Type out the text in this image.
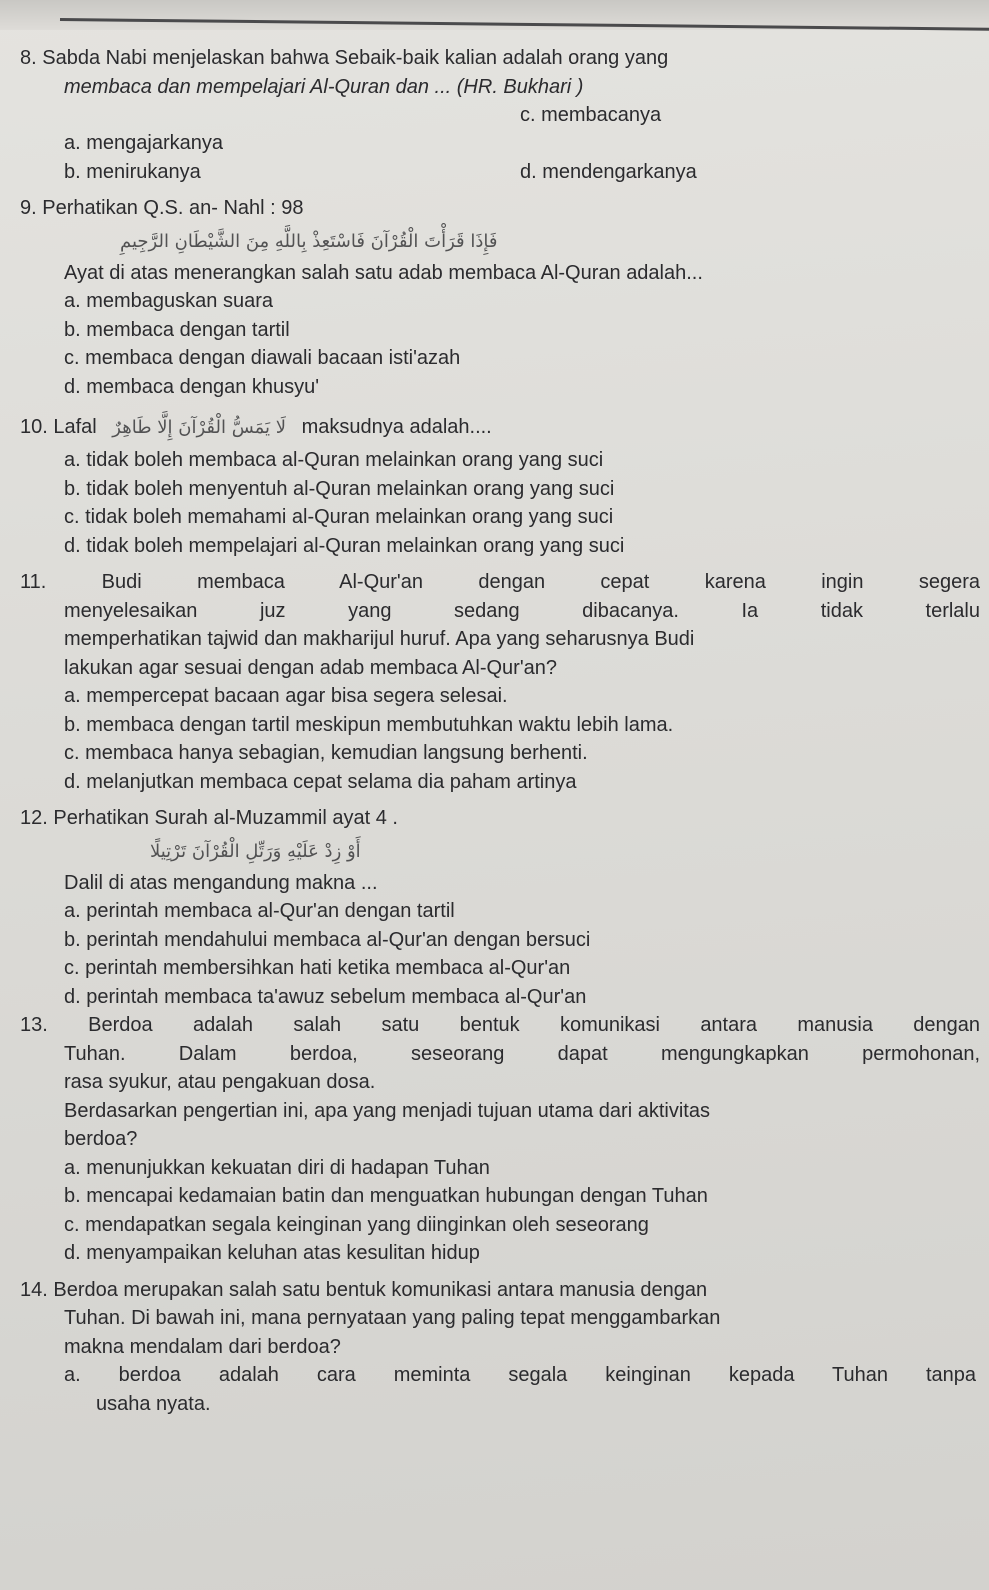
8. Sabda Nabi menjelaskan bahwa Sebaik-baik kalian adalah orang yang

membaca dan mempelajari Al-Quran dan ... (HR. Bukhari )

a. mengajarkanya

b. menirukanya

c. membacanya

d. mendengarkanya

9. Perhatikan Q.S. an- Nahl : 98

فَإِذَا قَرَأْتَ الْقُرْآنَ فَاسْتَعِذْ بِاللَّهِ مِنَ الشَّيْطَانِ الرَّجِيمِ

Ayat di atas menerangkan salah satu adab membaca Al-Quran adalah...

a. membaguskan suara

b. membaca dengan tartil

c. membaca dengan diawali bacaan isti'azah

d. membaca dengan khusyu'

10. Lafal لَا يَمَسُّ الْقُرْآنَ إِلَّا طَاهِرٌ maksudnya adalah....

a. tidak boleh membaca al-Quran melainkan orang yang suci

b. tidak boleh menyentuh al-Quran melainkan orang yang suci

c. tidak boleh memahami al-Quran melainkan orang yang suci

d. tidak boleh mempelajari al-Quran melainkan orang yang suci

11. Budi membaca Al-Qur'an dengan cepat karena ingin segera

menyelesaikan juz yang sedang dibacanya. Ia tidak terlalu

memperhatikan tajwid dan makharijul huruf. Apa yang seharusnya Budi

lakukan agar sesuai dengan adab membaca Al-Qur'an?

a. mempercepat bacaan agar bisa segera selesai.

b. membaca dengan tartil meskipun membutuhkan waktu lebih lama.

c. membaca hanya sebagian, kemudian langsung berhenti.

d. melanjutkan membaca cepat selama dia paham artinya

12. Perhatikan Surah al-Muzammil ayat 4 .

أَوْ زِدْ عَلَيْهِ وَرَتِّلِ الْقُرْآنَ تَرْتِيلًا

Dalil di atas mengandung makna ...

a. perintah membaca al-Qur'an dengan tartil

b. perintah mendahului membaca al-Qur'an dengan bersuci

c. perintah membersihkan hati ketika membaca al-Qur'an

d. perintah membaca ta'awuz sebelum membaca al-Qur'an

13. Berdoa adalah salah satu bentuk komunikasi antara manusia dengan

Tuhan. Dalam berdoa, seseorang dapat mengungkapkan permohonan,

rasa syukur, atau pengakuan dosa.

Berdasarkan pengertian ini, apa yang menjadi tujuan utama dari aktivitas

berdoa?

a. menunjukkan kekuatan diri di hadapan Tuhan

b. mencapai kedamaian batin dan menguatkan hubungan dengan Tuhan

c. mendapatkan segala keinginan yang diinginkan oleh seseorang

d. menyampaikan keluhan atas kesulitan hidup

14. Berdoa merupakan salah satu bentuk komunikasi antara manusia dengan

Tuhan. Di bawah ini, mana pernyataan yang paling tepat menggambarkan

makna mendalam dari berdoa?

a. berdoa adalah cara meminta segala keinginan kepada Tuhan tanpa

usaha nyata.
